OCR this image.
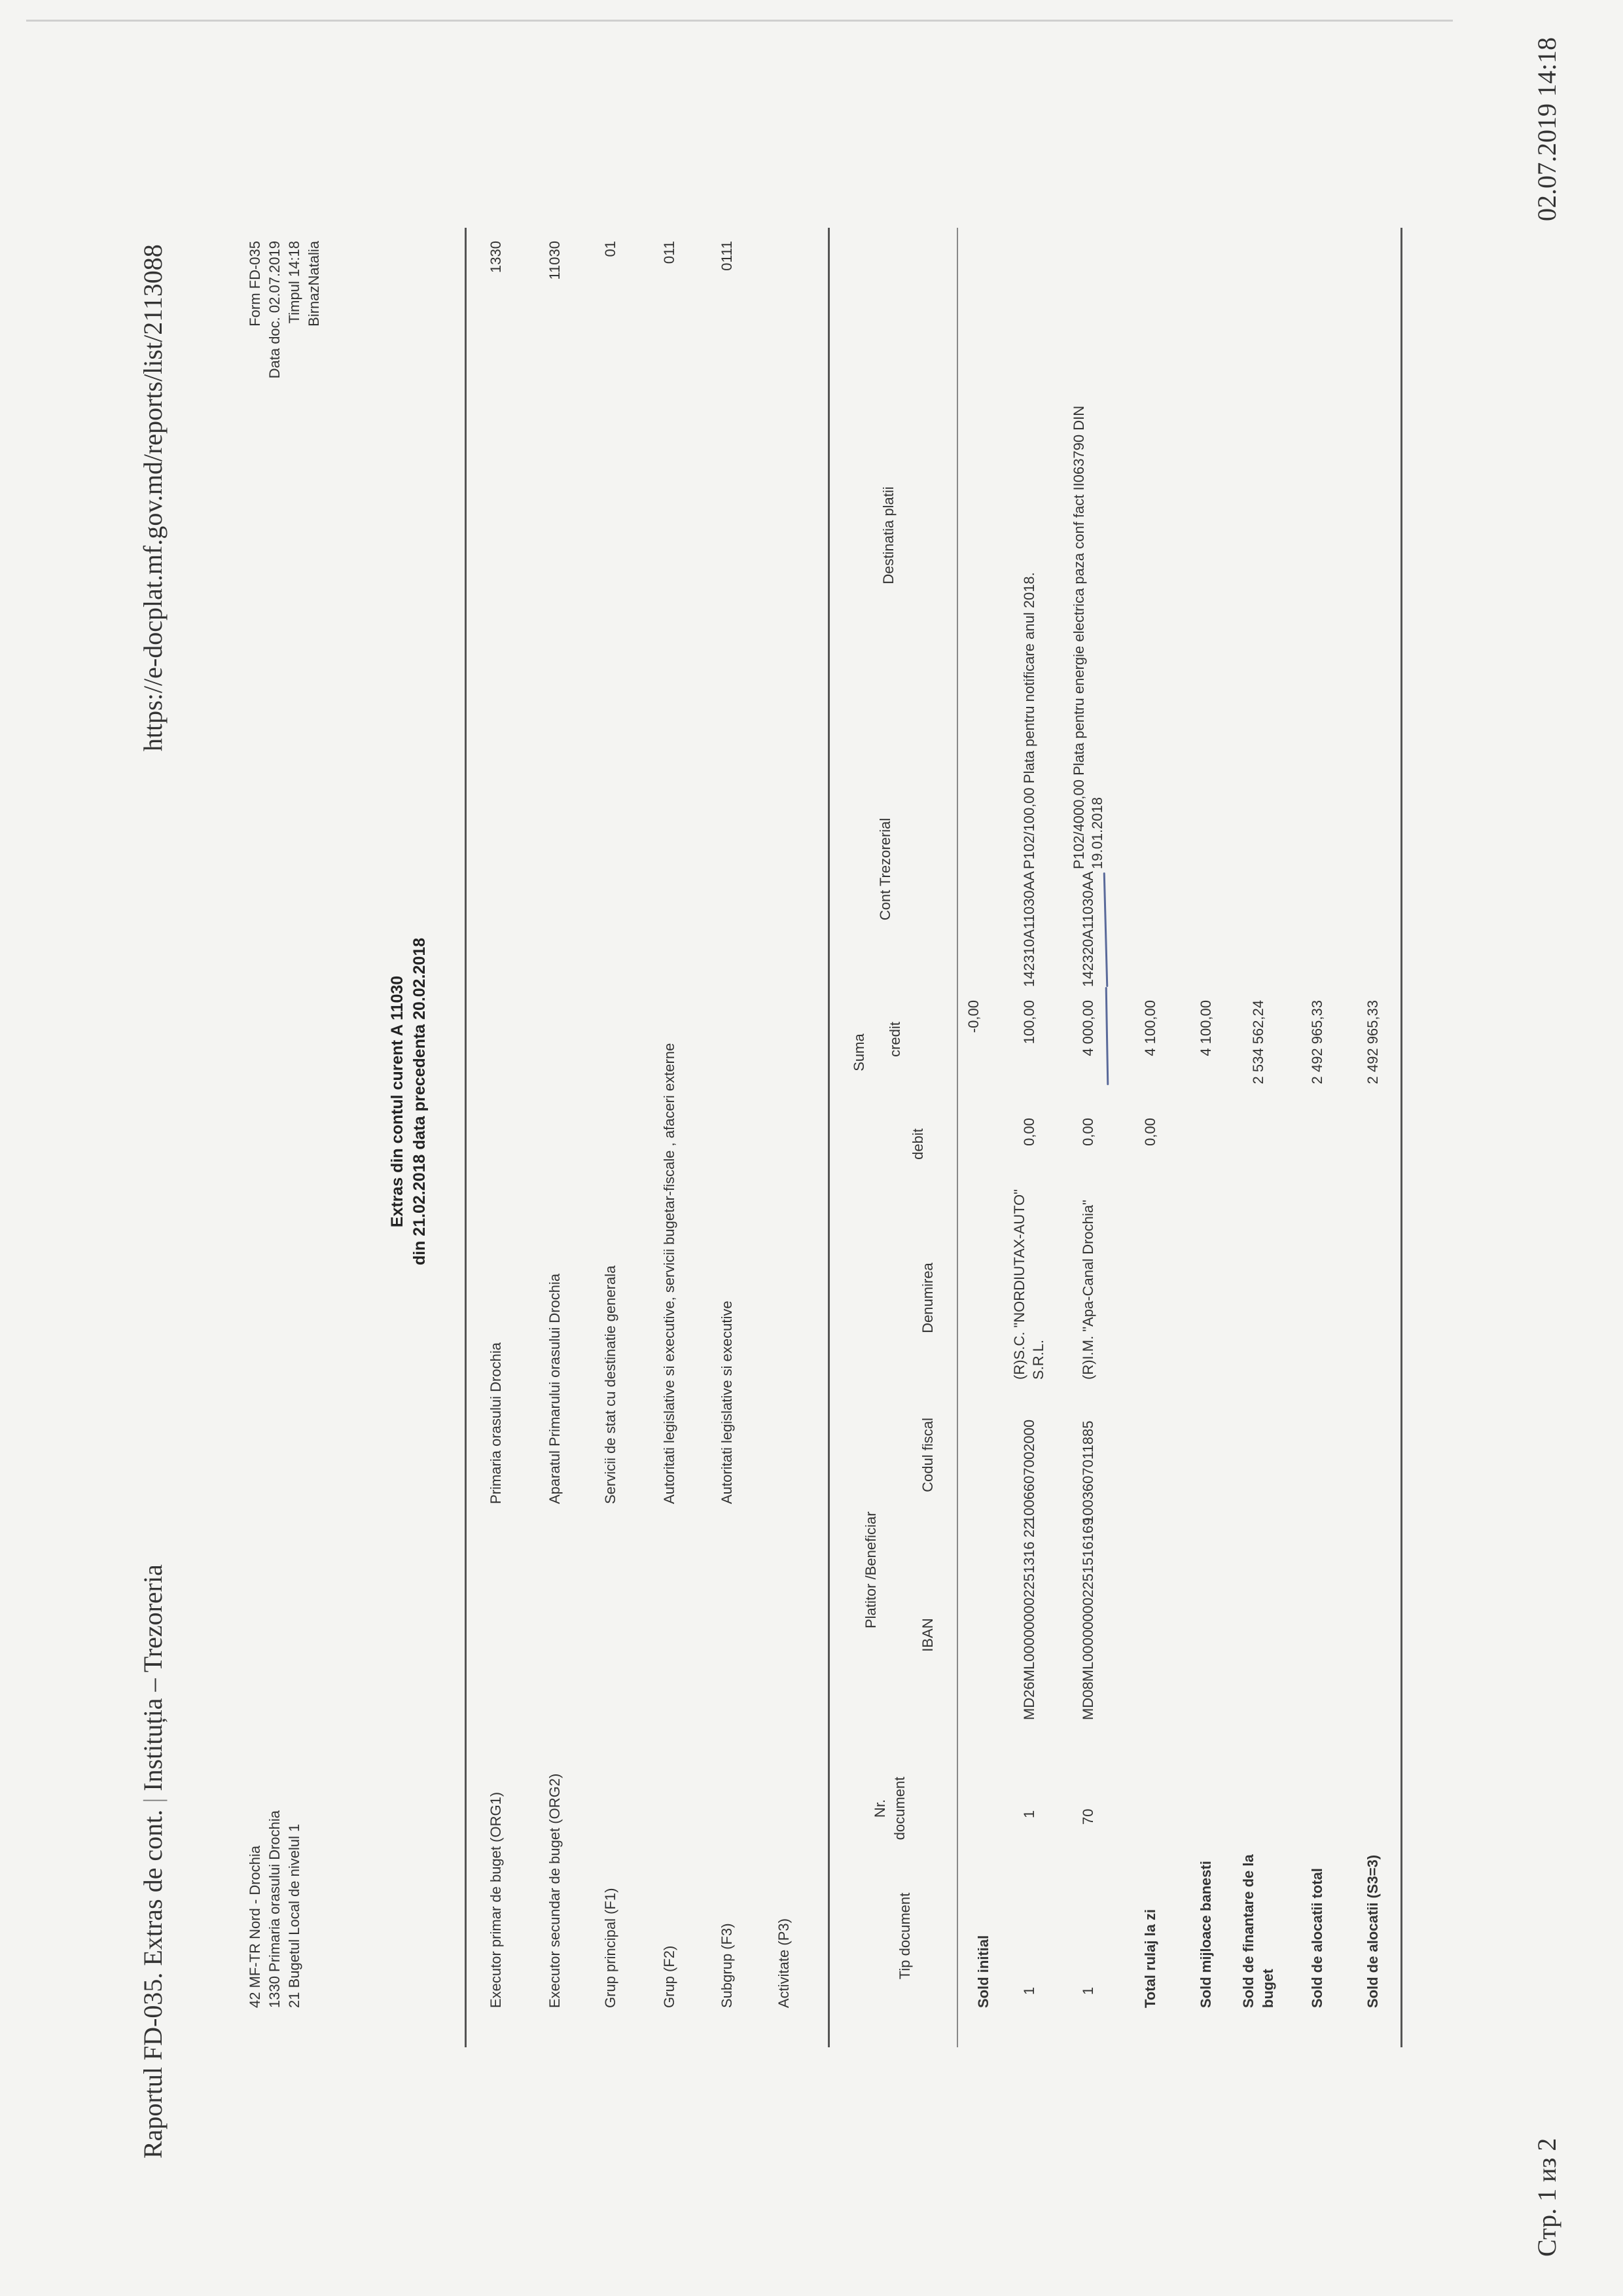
Raportul FD-035. Extras de cont. | Instituția – Trezoreria
https://e-docplat.mf.gov.md/reports/list/2113088
42 MF-TR Nord - Drochia 1330 Primaria orasului Drochia 21 Bugetul Local de nivelul 1
Form FD-035 Data doc. 02.07.2019 Timpul 14:18 BirnazNatalia
Extras din contul curent A 11030 din 21.02.2018 data precedenta 20.02.2018
Executor primar de buget (ORG1)
Primaria orasului Drochia
1330
Executor secundar de buget (ORG2)
Aparatul Primarului orasului Drochia
11030
Grup principal (F1)
Servicii de stat cu destinatie generala
01
Grup (F2)
Autoritati legislative si executive, servicii bugetar-fiscale , afaceri externe
011
Subgrup (F3)
Autoritati legislative si executive
0111
Activitate (P3)	Tip document
Nr. document
Platitor /Beneficiar
IBAN
Codul fiscal
Denumirea
Suma
debit
credit
Cont Trezorerial
Destinatia platii
Sold initial
-0,00
1
1
MD26ML000000002251316 22
1006607002000
(R)S.C. "NORDIUTAX-AUTO" S.R.L.
0,00
100,00
142310A11030AA
P102/100,00 Plata pentru notificare anul 2018.
1
70
MD08ML000000002251516169
1003607011885
(R)I.M. "Apa-Canal Drochia"
0,00
4 000,00
142320A11030AA
P102/4000,00 Plata pentru energie electrica paza conf fact II063790 DIN 19.01.2018
Total rulaj la zi
0,00
4 100,00
Sold mijloace banesti
4 100,00
Sold de finantare de la buget
2 534 562,24
Sold de alocatii total
2 492 965,33
Sold de alocatii (S3=3)
2 492 965,33
Стр. 1 из 2
02.07.2019 14:18
